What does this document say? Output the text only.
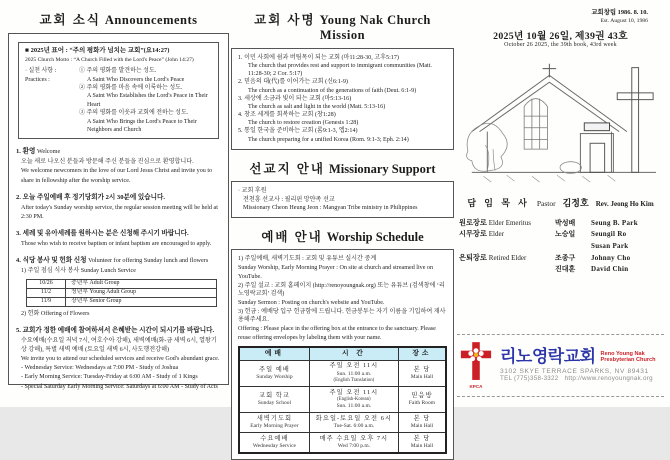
교회 소식 Announcements
■ 2025년 표어 : “주의 평화가 넘치는 교회”(요14:27)
2025 Church Motto : “A Church Filled with the Lord's Peace” (John 14:27)
· 실천 사항 :
Practices :
① 주의 평화를 발견하는 성도.
A Saint Who Discovers the Lord's Peace
② 주의 평화를 마음 속에 이룩하는 성도.
A Saint Who Establishes the Lord's Peace in Their Heart
③ 주의 평화를 이웃과 교회에 전하는 성도.
A Saint Who Brings the Lord's Peace to Their Neighbors and Church
1. 환영 Welcome
오늘 새로 나오신 분들과 방문해 주신 분들을 진심으로 환영합니다.
We welcome newcomers in the love of our Lord Jesus Christ and invite you to share in fellowship after the worship service.
2. 오늘 주일예배 후 정기당회가 2시 30분에 있습니다.
After today's Sunday worship service, the regular session meeting will be held at 2:30 PM.
3. 세례 및 유아세례를 원하시는 분은 신청해 주시기 바랍니다.
Those who wish to receive baptism or infant baptism are encouraged to apply.
4. 식당 봉사 및 헌화 신청 Volunteer for offering Sunday lunch and flowers
1) 주일 점심 식사 봉사 Sunday Lunch Service
10/26	중년부 Adult Group
11/2	청년부 Young Adult Group
11/9	장년부 Senior Group
2) 헌화 Offering of Flowers
5. 교회가 정한 예배에 참여하셔서 은혜받는 시간이 되시기를 바랍니다.
수요예배(수요일 저녁 7시, 여호수아 강해), 새벽예배(화-금 새벽 6시, 열왕기상 강해), 특별 새벽 예배 (토요일 새벽 6시, 사도행전강해)
We invite you to attend our scheduled services and receive God's abundant grace.
- Wednesday Service: Wednesdays at 7:00 PM - Study of Joshua
- Early Morning Service: Tuesday-Friday at 6:00 AM - Study of 1 Kings
- Special Saturday Early Morning Service: Saturdays at 6:00 AM - Study of Acts
교회 사명 Young Nak Church Mission
1. 이민 사회에 쉼과 버팀목이 되는 교회 (마11:28-30, 고후5:17)
The church that provides rest and support to immigrant communities (Matt. 11:28-30; 2 Cor. 5:17)
2. 믿음의 대(代)를 이어가는 교회 (신6:1-9)
The church as a continuation of the generations of faith (Deut. 6:1-9)
3. 세상에 소금과 빛이 되는 교회 (마5:13-16)
The church as salt and light in the world (Matt. 5:13-16)
4. 창조 세계를 회복하는 교회 (창1:28)
The church to restore creation (Genesis 1:28)
5. 통일 한국을 준비하는 교회 (롬9:1-3, 엡2:14)
The church preparing for a unified Korea (Rom. 9:1-3; Eph. 2:14)
선교지 안내 Missionary Support
· 교회 후원
전천흥 선교사 : 필리핀 망얀족 선교
Missionary Cheon Heung Jeon : Mangyan Tribe ministry in Philippines
예배 안내 Worship Schedule
1) 주일예배, 새벽기도회 : 교회 및 유튜브 실시간 중계
Sunday Worship, Early Morning Prayer : On site at church and streamed live on YouTube.
2) 주일 설교 : 교회 홈페이지 (http://renoyoungnak.org) 또는 유튜브 (검색창에 ‘리노영락교회’ 검색)
Sunday Sermon : Posting on church's website and YouTube.
3) 헌금 : 예배당 입구 헌금함에 드립니다. 헌금봉투는 자기 이름을 기입하여 재사용해주세요.
Offering : Please place in the offering box at the entrance to the sanctuary. Please reuse offering envelopes by labeling them with your name.
예배	시 간	장소

주일 예배
Sunday Worship	주일 오전 11시
Sun. 11:00 a.m.
(English Translation)	본 당
Main Hall

교회 학교
Sunday School	주일 오전 11시
(English-Korean)
Sun. 11:00 a.m.	믿음방
Faith Room

새벽기도회
Early Morning Prayer	화요일-토요일 오전 6시
Tue-Sat. 6:00 a.m.	본 당
Main Hall

수요예배
Wednesday Service	매주 수요일 오후 7시
Wed 7:00 p.m.	본 당
Main Hall
교회창립 1986. 8. 10.
Est. August 10, 1986
2025년 10월 26일, 제39권 43호
October 26 2025, the 39th book, 43rd week
담 임 목 사 Pastor 김정호 Rev. Jeong Ho Kim
원로장로 Elder Emeritus	박성배	Seung B. Park
시무장로 Elder	노승일	Seungil Ro
Susan Park
은퇴장로 Retired Elder	조종구	Johnny Cho
진대훈	David Chin
KPCA
리노영락교회 Reno Young Nak
Presbyterian Church
3102 SKYE TERRACE SPARKS, NV 89431
TEL (775)358-3322 http://www.renoyoungnak.org
